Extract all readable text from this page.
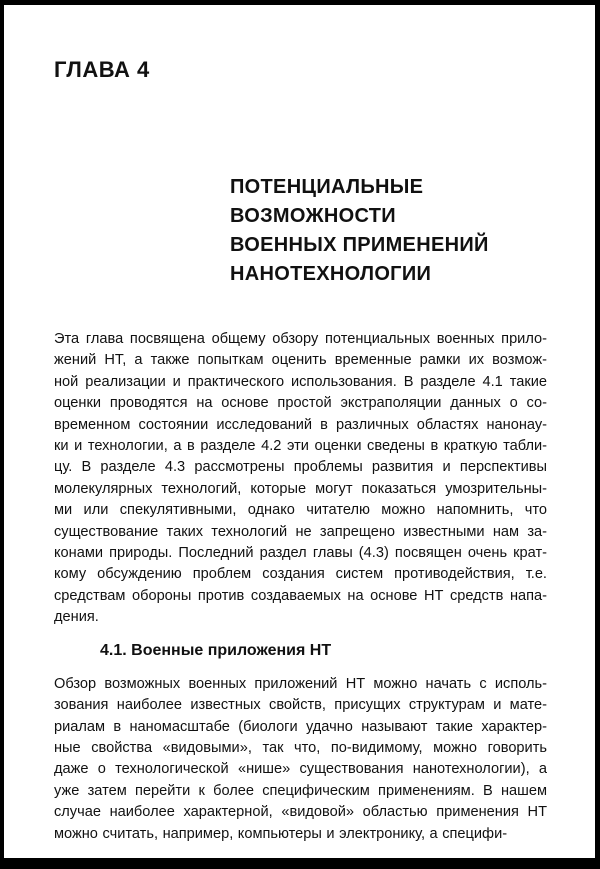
ГЛАВА 4
ПОТЕНЦИАЛЬНЫЕ
ВОЗМОЖНОСТИ
ВОЕННЫХ ПРИМЕНЕНИЙ
НАНОТЕХНОЛОГИИ
Эта глава посвящена общему обзору потенциальных военных прило-
жений НТ, а также попыткам оценить временные рамки их возмож-
ной реализации и практического использования. В разделе 4.1 такие
оценки проводятся на основе простой экстраполяции данных о со-
временном состоянии исследований в различных областях нанонау-
ки и технологии, а в разделе 4.2 эти оценки сведены в краткую табли-
цу. В разделе 4.3 рассмотрены проблемы развития и перспективы
молекулярных технологий, которые могут показаться умозрительны-
ми или спекулятивными, однако читателю можно напомнить, что
существование таких технологий не запрещено известными нам за-
конами природы. Последний раздел главы (4.3) посвящен очень крат-
кому обсуждению проблем создания систем противодействия, т.е.
средствам обороны против создаваемых на основе НТ средств напа-
дения.
4.1. Военные приложения НТ
Обзор возможных военных приложений НТ можно начать с исполь-
зования наиболее известных свойств, присущих структурам и мате-
риалам в наномасштабе (биологи удачно называют такие характер-
ные свойства «видовыми», так что, по-видимому, можно говорить
даже о технологической «нише» существования нанотехнологии), а
уже затем перейти к более специфическим применениям. В нашем
случае наиболее характерной, «видовой» областью применения НТ
можно считать, например, компьютеры и электронику, а специфи-
